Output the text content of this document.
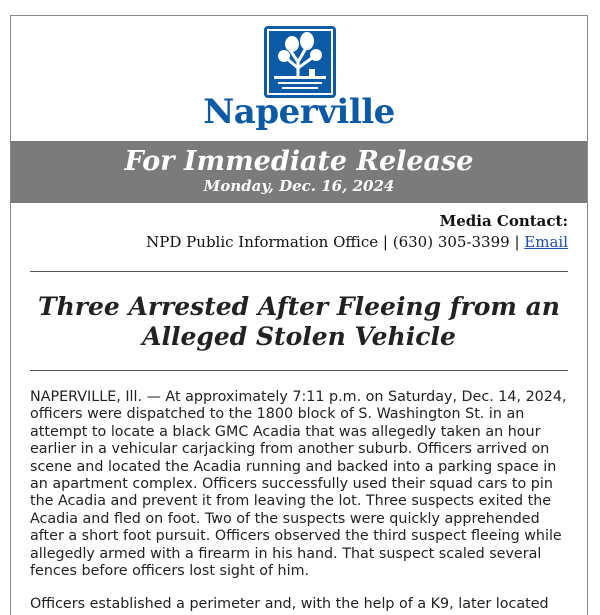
Naperville
For Immediate Release
Monday, Dec. 16, 2024
Media Contact:
NPD Public Information Office | (630) 305-3399 | Email
Three Arrested After Fleeing from an Alleged Stolen Vehicle

NAPERVILLE, Ill. — At approximately 7:11 p.m. on Saturday, Dec. 14, 2024, officers were dispatched to the 1800 block of S. Washington St. in an attempt to locate a black GMC Acadia that was allegedly taken an hour earlier in a vehicular carjacking from another suburb. Officers arrived on scene and located the Acadia running and backed into a parking space in an apartment complex. Officers successfully used their squad cars to pin the Acadia and prevent it from leaving the lot. Three suspects exited the Acadia and fled on foot. Two of the suspects were quickly apprehended after a short foot pursuit. Officers observed the third suspect fleeing while allegedly armed with a firearm in his hand. That suspect scaled several fences before officers lost sight of him.

Officers established a perimeter and, with the help of a K9, later located
